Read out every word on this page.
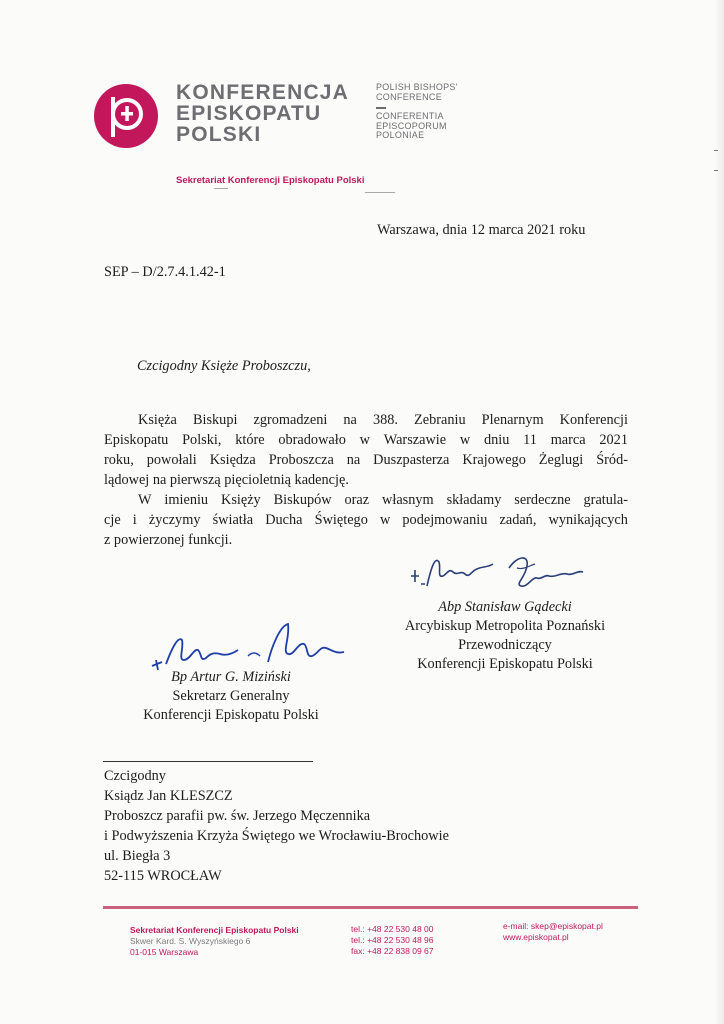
KONFERENCJA
EPISKOPATU
POLSKI
POLISH BISHOPS'
CONFERENCE
CONFERENTIA
EPISCOPORUM
POLONIAE
Sekretariat Konferencji Episkopatu Polski
Warszawa, dnia 12 marca 2021 roku
SEP – D/2.7.4.1.42-1
Czcigodny Księże Proboszczu,
Księża Biskupi zgromadzeni na 388. Zebraniu Plenarnym Konferencji
Episkopatu Polski, które obradowało w Warszawie w dniu 11 marca 2021
roku, powołali Księdza Proboszcza na Duszpasterza Krajowego Żeglugi Śród-
lądowej na pierwszą pięcioletnią kadencję.
W imieniu Księży Biskupów oraz własnym składamy serdeczne gratula-
cje i życzymy światła Ducha Świętego w podejmowaniu zadań, wynikających
z powierzonej funkcji.
Abp Stanisław Gądecki
Arcybiskup Metropolita Poznański
Przewodniczący
Konferencji Episkopatu Polski
Bp Artur G. Miziński
Sekretarz Generalny
Konferencji Episkopatu Polski
Czcigodny
Ksiądz Jan KLESZCZ
Proboszcz parafii pw. św. Jerzego Męczennika
i Podwyższenia Krzyża Świętego we Wrocławiu-Brochowie
ul. Biegła 3
52-115 WROCŁAW
Sekretariat Konferencji Episkopatu Polski
Skwer Kard. S. Wyszyńskiego 6
01-015 Warszawa
tel.: +48 22 530 48 00
tel.: +48 22 530 48 96
fax: +48 22 838 09 67
e-mail: skep@episkopat.pl
www.episkopat.pl
